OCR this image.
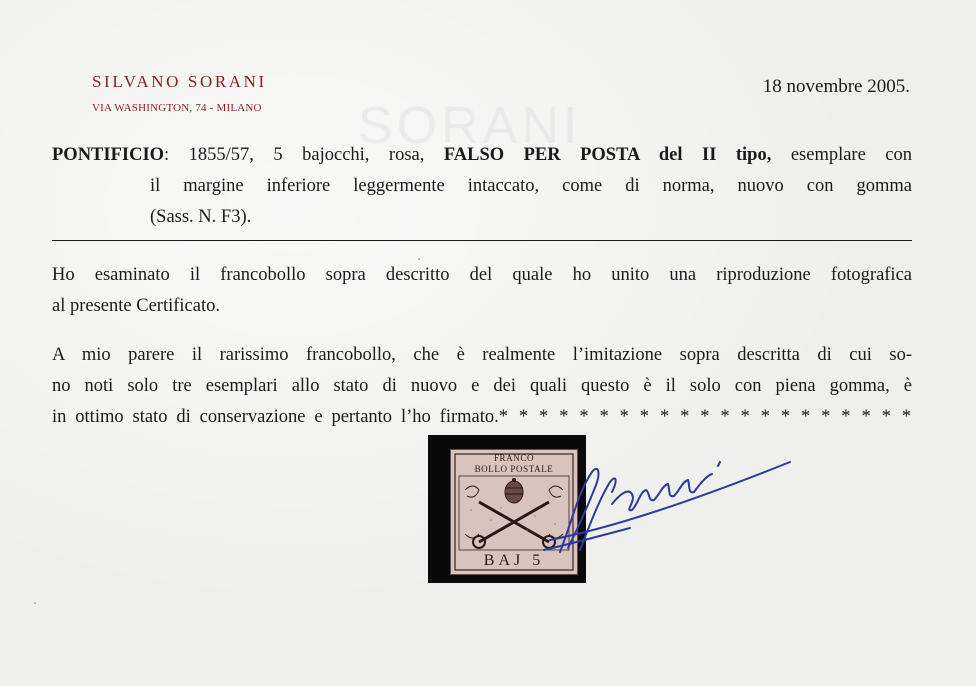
SORANI
SILVANO SORANI
VIA WASHINGTON, 74 - MILANO
18 novembre 2005.
PONTIFICIO: 1855/57, 5 bajocchi, rosa, FALSO PER POSTA del II tipo, esemplare con
il margine inferiore leggermente intaccato, come di norma, nuovo con gomma
(Sass. N. F3).
Ho esaminato il francobollo sopra descritto del quale ho unito una riproduzione fotografica
al presente Certificato.
A mio parere il rarissimo francobollo, che è realmente l’imitazione sopra descritta di cui so-
no noti solo tre esemplari allo stato di nuovo e dei quali questo è il solo con piena gomma, è
in ottimo stato di conservazione e pertanto l’ho firmato.* * * * * * * * * * * * * * * * * * * * *
FRANCO
BOLLO POSTALE
BAJ 5
